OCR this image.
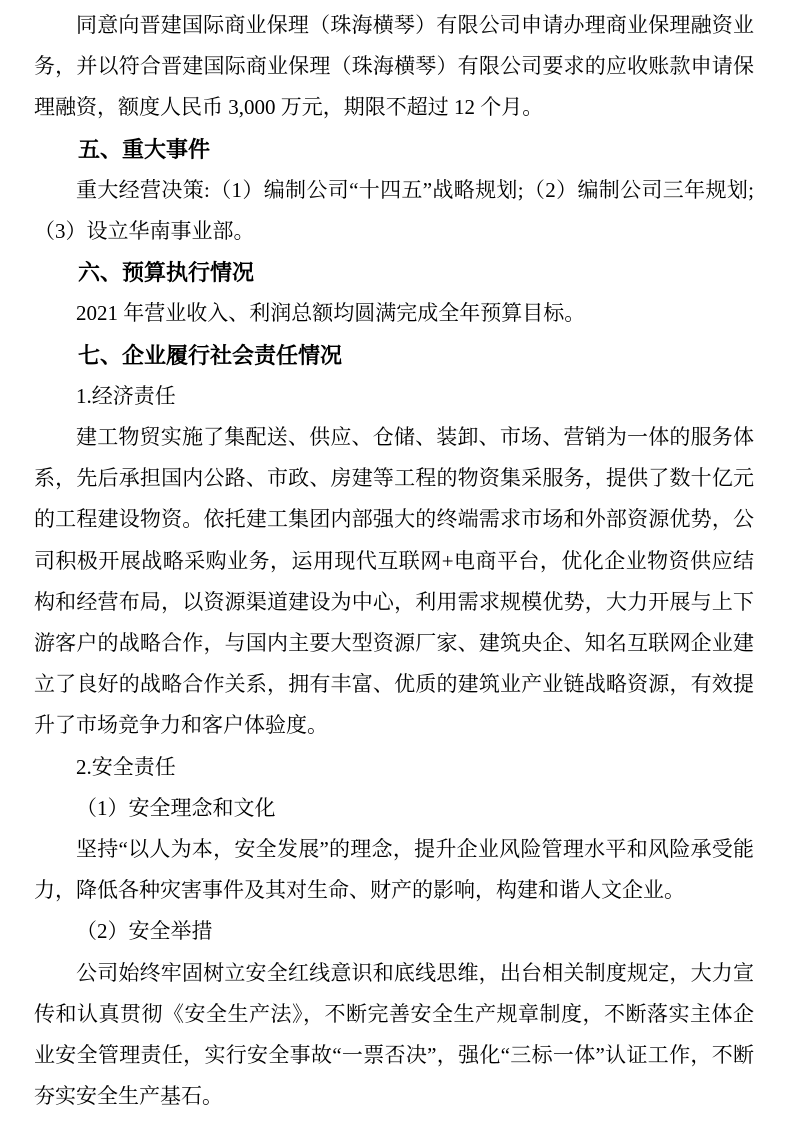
同意向晋建国际商业保理（珠海横琴）有限公司申请办理商业保理融资业务，并以符合晋建国际商业保理（珠海横琴）有限公司要求的应收账款申请保理融资，额度人民币 3,000 万元，期限不超过 12 个月。

五、重大事件

重大经营决策:（1）编制公司“十四五”战略规划;（2）编制公司三年规划;（3）设立华南事业部。

六、预算执行情况

2021 年营业收入、利润总额均圆满完成全年预算目标。

七、企业履行社会责任情况

1.经济责任

建工物贸实施了集配送、供应、仓储、装卸、市场、营销为一体的服务体系，先后承担国内公路、市政、房建等工程的物资集采服务，提供了数十亿元的工程建设物资。依托建工集团内部强大的终端需求市场和外部资源优势，公司积极开展战略采购业务，运用现代互联网+电商平台，优化企业物资供应结构和经营布局，以资源渠道建设为中心，利用需求规模优势，大力开展与上下游客户的战略合作，与国内主要大型资源厂家、建筑央企、知名互联网企业建立了良好的战略合作关系，拥有丰富、优质的建筑业产业链战略资源，有效提升了市场竞争力和客户体验度。

2.安全责任

（1）安全理念和文化

坚持“以人为本，安全发展”的理念，提升企业风险管理水平和风险承受能力，降低各种灾害事件及其对生命、财产的影响，构建和谐人文企业。

（2）安全举措

公司始终牢固树立安全红线意识和底线思维，出台相关制度规定，大力宣传和认真贯彻《安全生产法》，不断完善安全生产规章制度，不断落实主体企业安全管理责任，实行安全事故“一票否决”，强化“三标一体”认证工作，不断夯实安全生产基石。
